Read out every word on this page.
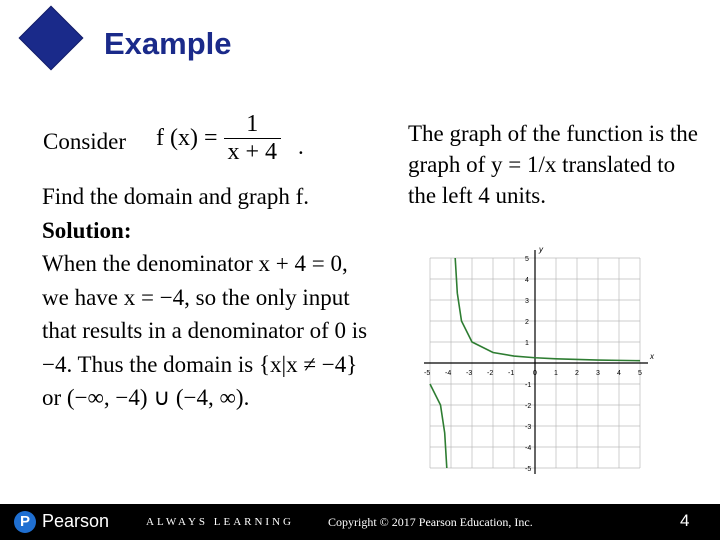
Example
Consider f $(x) = \frac{1}{x + 4}$ .

Find the domain and graph f.

Solution:

When the denominator x + 4 = 0, we have x = −4, so the only input that results in a denominator of 0 is −4. Thus the domain is {x|x ≠ −4} or (−∞, −4) ∪ (−4, ∞).

The graph of the function is the graph of y = 1/x translated to the left 4 units.
x
y
-5 -4 -3 -2 -1	0 1 2 3 4 5
5
4
3
2
1
-1
-2
-3
-4
-5
P Pearson	ALWAYS LEARNING	Copyright © 2017 Pearson Education, Inc.	4
